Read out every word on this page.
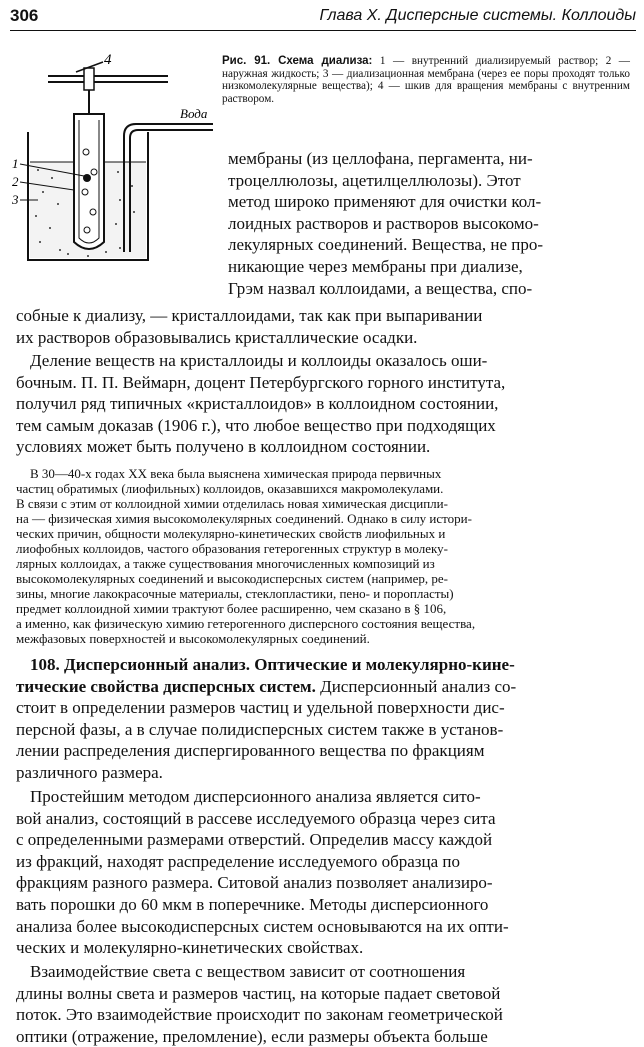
306	Глава X. Дисперсные системы. Коллоиды
4
Вода
1
2
3
Рис. 91. Схема диализа: 1 — внутренний диализируемый раствор; 2 — наружная жидкость; 3 — диализационная мембрана (через ее поры проходят только низкомолекулярные вещества); 4 — шкив для вращения мембраны с внутренним раствором.
мембраны (из целлофана, пергамента, ни-
троцеллюлозы, ацетилцеллюлозы). Этот
метод широко применяют для очистки кол-
лоидных растворов и растворов высокомо-
лекулярных соединений. Вещества, не про-
никающие через мембраны при диализе,
Грэм назвал коллоидами, а вещества, спо-
собные к диализу, — кристаллоидами, так как при выпаривании
их растворов образовывались кристаллические осадки.
Деление веществ на кристаллоиды и коллоиды оказалось оши-
бочным. П. П. Веймарн, доцент Петербургского горного института,
получил ряд типичных «кристаллоидов» в коллоидном состоянии,
тем самым доказав (1906 г.), что любое вещество при подходящих
условиях может быть получено в коллоидном состоянии.
В 30—40-х годах XX века была выяснена химическая природа первичных
частиц обратимых (лиофильных) коллоидов, оказавшихся макромолекулами.
В связи с этим от коллоидной химии отделилась новая химическая дисципли-
на — физическая химия высокомолекулярных соединений. Однако в силу истори-
ческих причин, общности молекулярно-кинетических свойств лиофильных и
лиофобных коллоидов, частого образования гетерогенных структур в молеку-
лярных коллоидах, а также существования многочисленных композиций из
высокомолекулярных соединений и высокодисперсных систем (например, ре-
зины, многие лакокрасочные материалы, стеклопластики, пено- и поропласты)
предмет коллоидной химии трактуют более расширенно, чем сказано в § 106,
а именно, как физическую химию гетерогенного дисперсного состояния вещества,
межфазовых поверхностей и высокомолекулярных соединений.
108. Дисперсионный анализ. Оптические и молекулярно-кине-
тические свойства дисперсных систем. Дисперсионный анализ со-
стоит в определении размеров частиц и удельной поверхности дис-
персной фазы, а в случае полидисперсных систем также в установ-
лении распределения диспергированного вещества по фракциям
различного размера.
Простейшим методом дисперсионного анализа является сито-
вой анализ, состоящий в рассеве исследуемого образца через сита
с определенными размерами отверстий. Определив массу каждой
из фракций, находят распределение исследуемого образца по
фракциям разного размера. Ситовой анализ позволяет анализиро-
вать порошки до 60 мкм в поперечнике. Методы дисперсионного
анализа более высокодисперсных систем основываются на их опти-
ческих и молекулярно-кинетических свойствах.
Взаимодействие света с веществом зависит от соотношения
длины волны света и размеров частиц, на которые падает световой
поток. Это взаимодействие происходит по законам геометрической
оптики (отражение, преломление), если размеры объекта больше
